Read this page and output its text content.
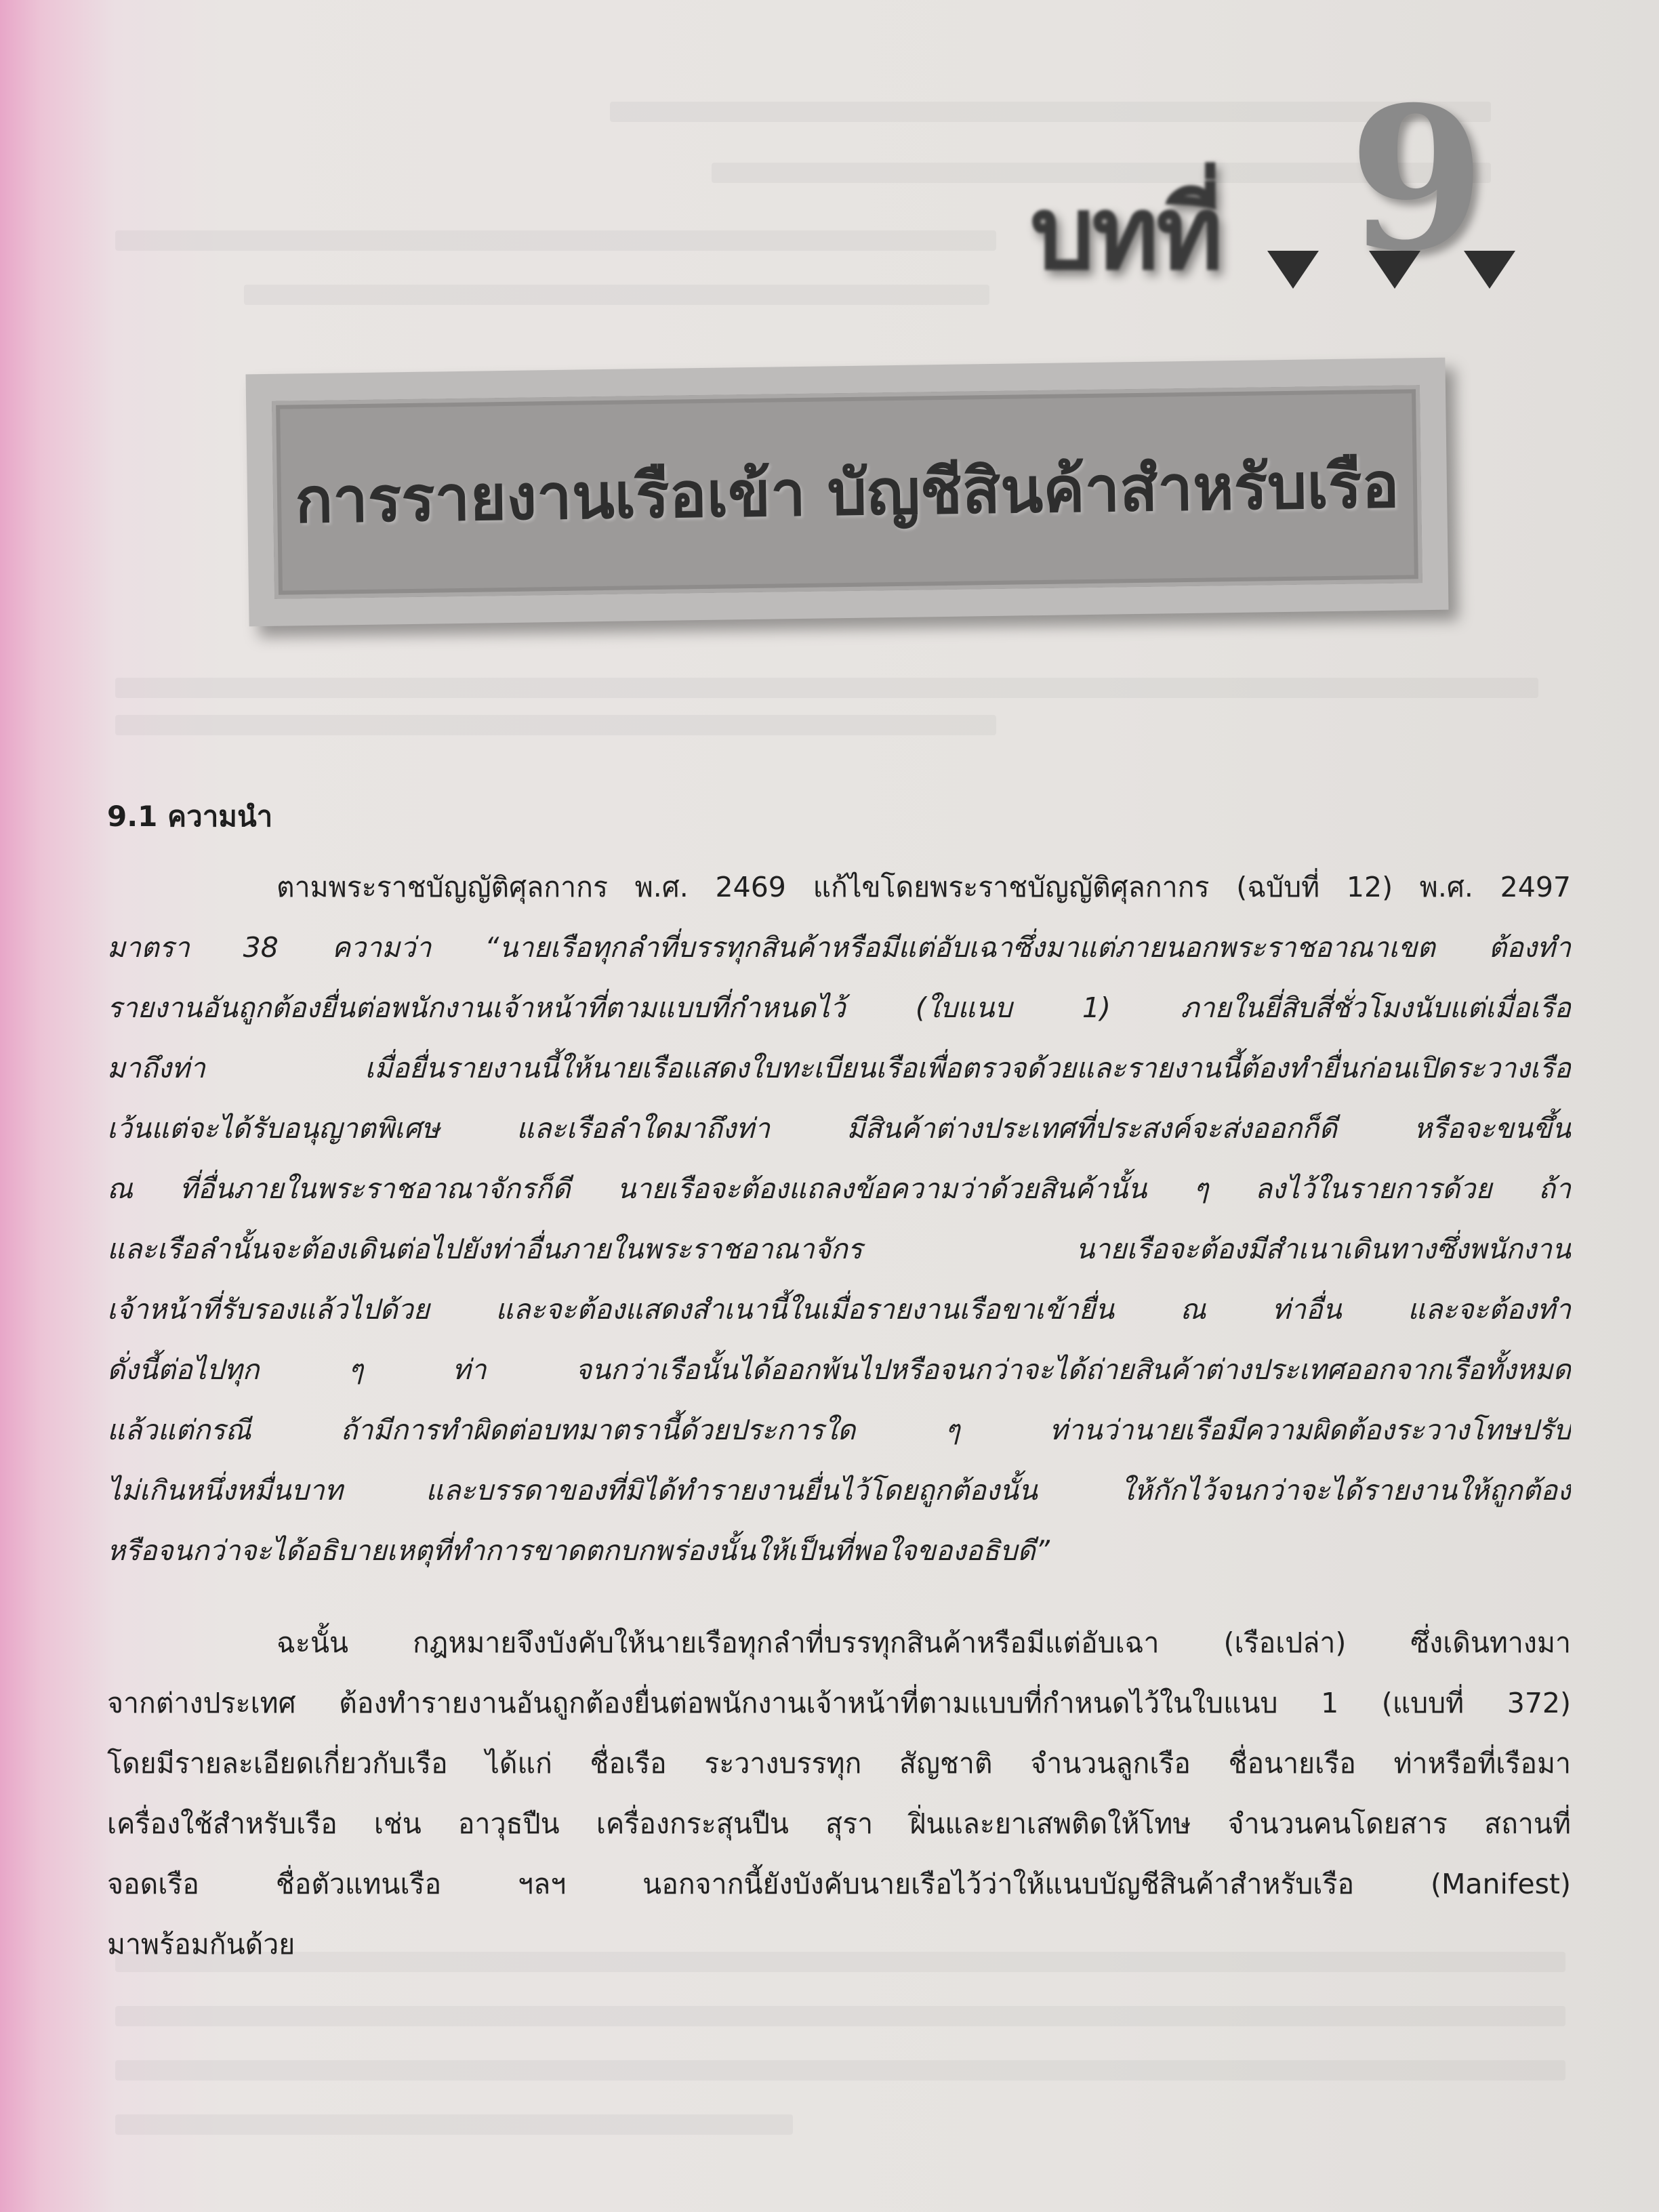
บทที่ 9
การรายงานเรือเข้า บัญชีสินค้าสำหรับเรือ
9.1 ความนำ
ตามพระราชบัญญัติศุลกากร พ.ศ. 2469 แก้ไขโดยพระราชบัญญัติศุลกากร (ฉบับที่ 12) พ.ศ. 2497
มาตรา 38 ความว่า “นายเรือทุกลำที่บรรทุกสินค้าหรือมีแต่อับเฉาซึ่งมาแต่ภายนอกพระราชอาณาเขต ต้องทำ
รายงานอันถูกต้องยื่นต่อพนักงานเจ้าหน้าที่ตามแบบที่กำหนดไว้ (ใบแนบ 1) ภายในยี่สิบสี่ชั่วโมงนับแต่เมื่อเรือ
มาถึงท่า เมื่อยื่นรายงานนี้ให้นายเรือแสดงใบทะเบียนเรือเพื่อตรวจด้วยและรายงานนี้ต้องทำยื่นก่อนเปิดระวางเรือ
เว้นแต่จะได้รับอนุญาตพิเศษ และเรือลำใดมาถึงท่า มีสินค้าต่างประเทศที่ประสงค์จะส่งออกก็ดี หรือจะขนขึ้น
ณ ที่อื่นภายในพระราชอาณาจักรก็ดี นายเรือจะต้องแถลงข้อความว่าด้วยสินค้านั้น ๆ ลงไว้ในรายการด้วย ถ้า
และเรือลำนั้นจะต้องเดินต่อไปยังท่าอื่นภายในพระราชอาณาจักร นายเรือจะต้องมีสำเนาเดินทางซึ่งพนักงาน
เจ้าหน้าที่รับรองแล้วไปด้วย และจะต้องแสดงสำเนานี้ในเมื่อรายงานเรือขาเข้ายื่น ณ ท่าอื่น และจะต้องทำ
ดั่งนี้ต่อไปทุก ๆ ท่า จนกว่าเรือนั้นได้ออกพ้นไปหรือจนกว่าจะได้ถ่ายสินค้าต่างประเทศออกจากเรือทั้งหมด
แล้วแต่กรณี ถ้ามีการทำผิดต่อบทมาตรานี้ด้วยประการใด ๆ ท่านว่านายเรือมีความผิดต้องระวางโทษปรับ
ไม่เกินหนึ่งหมื่นบาท และบรรดาของที่มิได้ทำรายงานยื่นไว้โดยถูกต้องนั้น ให้กักไว้จนกว่าจะได้รายงานให้ถูกต้อง
หรือจนกว่าจะได้อธิบายเหตุที่ทำการขาดตกบกพร่องนั้นให้เป็นที่พอใจของอธิบดี”
ฉะนั้น กฎหมายจึงบังคับให้นายเรือทุกลำที่บรรทุกสินค้าหรือมีแต่อับเฉา (เรือเปล่า) ซึ่งเดินทางมา
จากต่างประเทศ ต้องทำรายงานอันถูกต้องยื่นต่อพนักงานเจ้าหน้าที่ตามแบบที่กำหนดไว้ในใบแนบ 1 (แบบที่ 372)
โดยมีรายละเอียดเกี่ยวกับเรือ ได้แก่ ชื่อเรือ ระวางบรรทุก สัญชาติ จำนวนลูกเรือ ชื่อนายเรือ ท่าหรือที่เรือมา
เครื่องใช้สำหรับเรือ เช่น อาวุธปืน เครื่องกระสุนปืน สุรา ฝิ่นและยาเสพติดให้โทษ จำนวนคนโดยสาร สถานที่
จอดเรือ ชื่อตัวแทนเรือ ฯลฯ นอกจากนี้ยังบังคับนายเรือไว้ว่าให้แนบบัญชีสินค้าสำหรับเรือ (Manifest)
มาพร้อมกันด้วย
